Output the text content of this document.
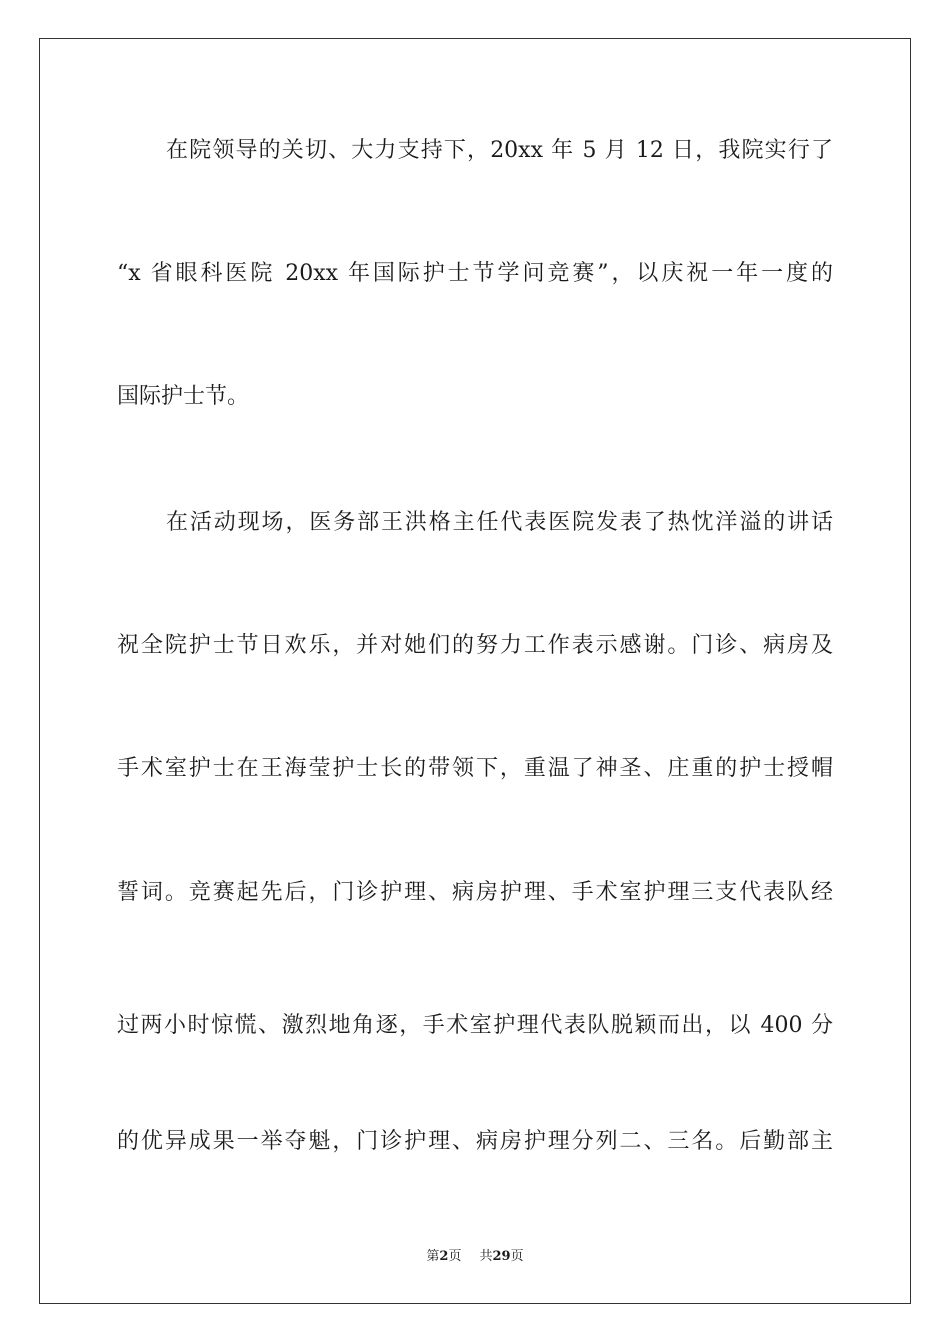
在院领导的关切、大力支持下，20xx 年 5 月 12 日，我院实行了
“x 省眼科医院 20xx 年国际护士节学问竞赛”，以庆祝一年一度的
国际护士节。
在活动现场，医务部王洪格主任代表医院发表了热忱洋溢的讲话
祝全院护士节日欢乐，并对她们的努力工作表示感谢。门诊、病房及
手术室护士在王海莹护士长的带领下，重温了神圣、庄重的护士授帽
誓词。竞赛起先后，门诊护理、病房护理、手术室护理三支代表队经
过两小时惊慌、激烈地角逐，手术室护理代表队脱颖而出，以 400 分
的优异成果一举夺魁，门诊护理、病房护理分列二、三名。后勤部主
第2页 共29页
